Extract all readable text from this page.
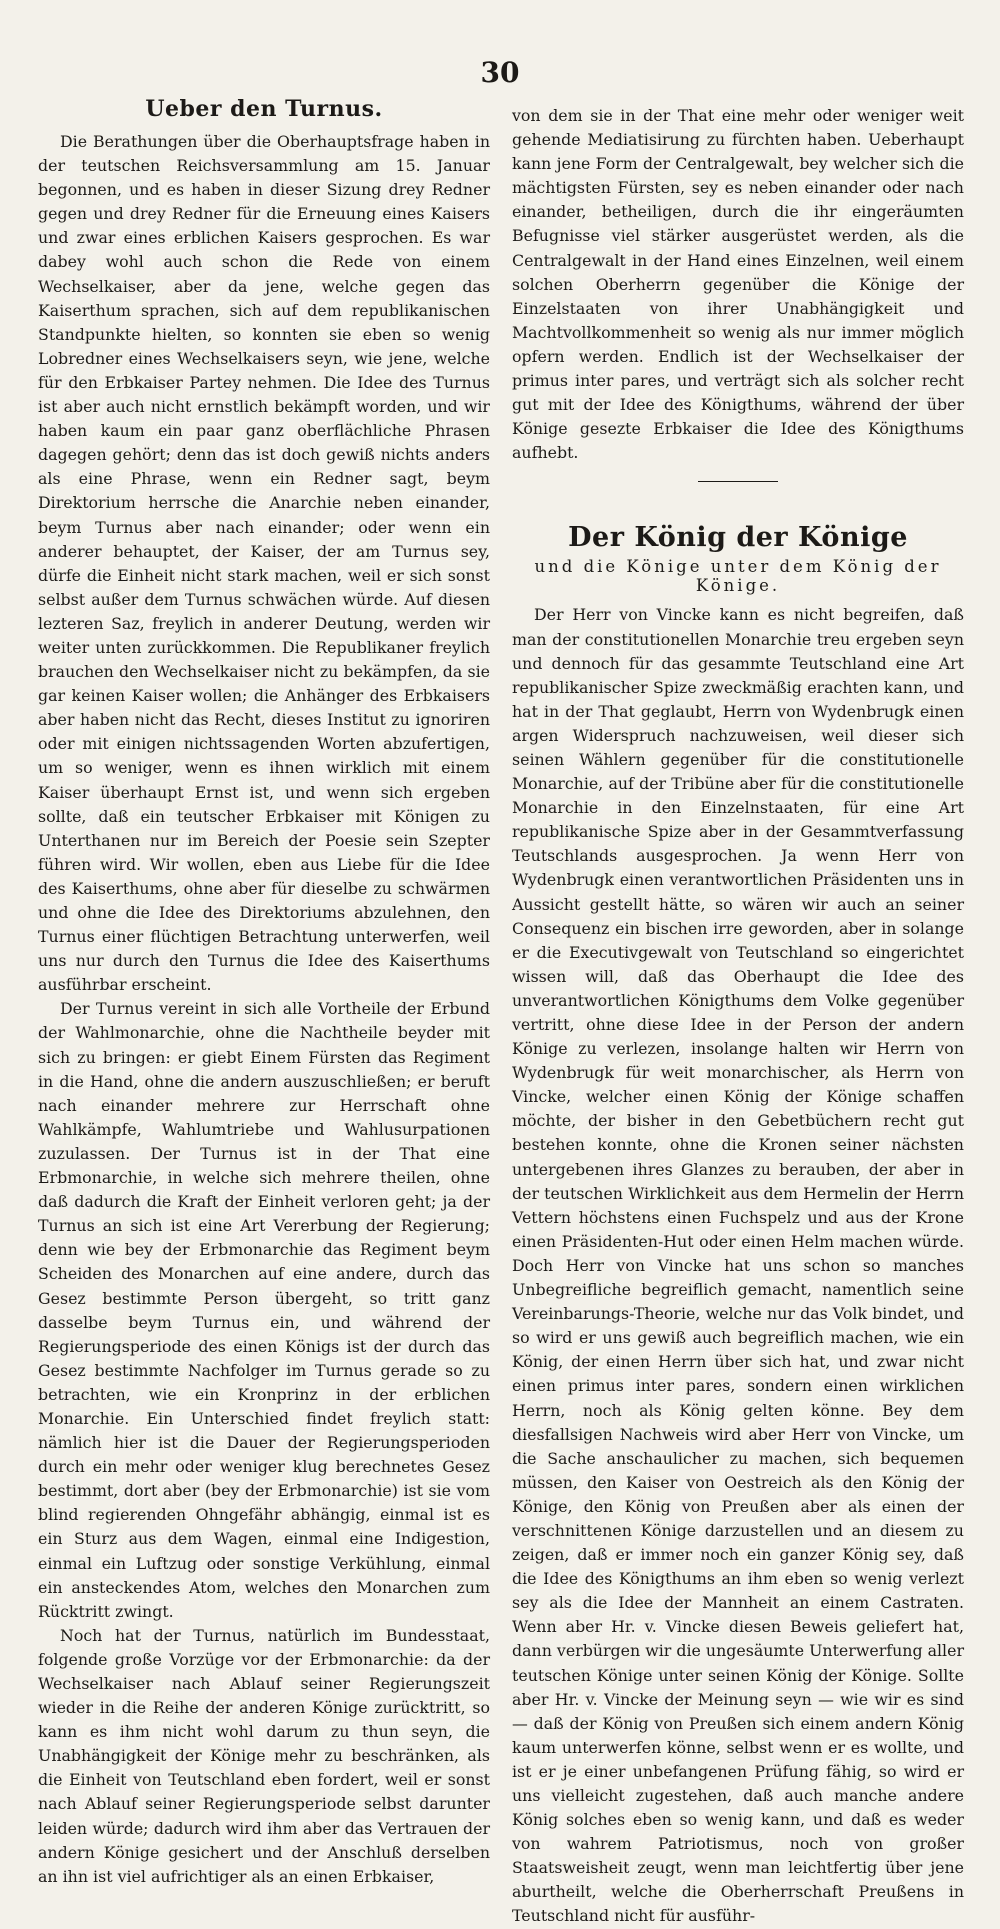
30
Ueber den Turnus.

Die Berathungen über die Oberhauptsfrage haben in der teutschen Reichsversammlung am 15. Januar begonnen, und es haben in dieser Sizung drey Redner gegen und drey Redner für die Erneuung eines Kaisers und zwar eines erblichen Kaisers gesprochen. Es war dabey wohl auch schon die Rede von einem Wechselkaiser, aber da jene, welche gegen das Kaiserthum sprachen, sich auf dem republikanischen Standpunkte hielten, so konnten sie eben so wenig Lobredner eines Wechselkaisers seyn, wie jene, welche für den Erbkaiser Partey nehmen. Die Idee des Turnus ist aber auch nicht ernstlich bekämpft worden, und wir haben kaum ein paar ganz oberflächliche Phrasen dagegen gehört; denn das ist doch gewiß nichts anders als eine Phrase, wenn ein Redner sagt, beym Direktorium herrsche die Anarchie neben einander, beym Turnus aber nach einander; oder wenn ein anderer behauptet, der Kaiser, der am Turnus sey, dürfe die Einheit nicht stark machen, weil er sich sonst selbst außer dem Turnus schwächen würde. Auf diesen lezteren Saz, freylich in anderer Deutung, werden wir weiter unten zurückkommen. Die Republikaner freylich brauchen den Wechselkaiser nicht zu bekämpfen, da sie gar keinen Kaiser wollen; die Anhänger des Erbkaisers aber haben nicht das Recht, dieses Institut zu ignoriren oder mit einigen nichtssagenden Worten abzufertigen, um so weniger, wenn es ihnen wirklich mit einem Kaiser überhaupt Ernst ist, und wenn sich ergeben sollte, daß ein teutscher Erbkaiser mit Königen zu Unterthanen nur im Bereich der Poesie sein Szepter führen wird. Wir wollen, eben aus Liebe für die Idee des Kaiserthums, ohne aber für dieselbe zu schwärmen und ohne die Idee des Direktoriums abzulehnen, den Turnus einer flüchtigen Betrachtung unterwerfen, weil uns nur durch den Turnus die Idee des Kaiserthums ausführbar erscheint.

Der Turnus vereint in sich alle Vortheile der Erbund der Wahlmonarchie, ohne die Nachtheile beyder mit sich zu bringen: er giebt Einem Fürsten das Regiment in die Hand, ohne die andern auszuschließen; er beruft nach einander mehrere zur Herrschaft ohne Wahlkämpfe, Wahlumtriebe und Wahlusurpationen zuzulassen. Der Turnus ist in der That eine Erbmonarchie, in welche sich mehrere theilen, ohne daß dadurch die Kraft der Einheit verloren geht; ja der Turnus an sich ist eine Art Vererbung der Regierung; denn wie bey der Erbmonarchie das Regiment beym Scheiden des Monarchen auf eine andere, durch das Gesez bestimmte Person übergeht, so tritt ganz dasselbe beym Turnus ein, und während der Regierungsperiode des einen Königs ist der durch das Gesez bestimmte Nachfolger im Turnus gerade so zu betrachten, wie ein Kronprinz in der erblichen Monarchie. Ein Unterschied findet freylich statt: nämlich hier ist die Dauer der Regierungsperioden durch ein mehr oder weniger klug berechnetes Gesez bestimmt, dort aber (bey der Erbmonarchie) ist sie vom blind regierenden Ohngefähr abhängig, einmal ist es ein Sturz aus dem Wagen, einmal eine Indigestion, einmal ein Luftzug oder sonstige Verkühlung, einmal ein ansteckendes Atom, welches den Monarchen zum Rücktritt zwingt.

Noch hat der Turnus, natürlich im Bundesstaat, folgende große Vorzüge vor der Erbmonarchie: da der Wechselkaiser nach Ablauf seiner Regierungszeit wieder in die Reihe der anderen Könige zurücktritt, so kann es ihm nicht wohl darum zu thun seyn, die Unabhängigkeit der Könige mehr zu beschränken, als die Einheit von Teutschland eben fordert, weil er sonst nach Ablauf seiner Regierungsperiode selbst darunter leiden würde; dadurch wird ihm aber das Vertrauen der andern Könige gesichert und der Anschluß derselben an ihn ist viel aufrichtiger als an einen Erbkaiser,

von dem sie in der That eine mehr oder weniger weit gehende Mediatisirung zu fürchten haben. Ueberhaupt kann jene Form der Centralgewalt, bey welcher sich die mächtigsten Fürsten, sey es neben einander oder nach einander, betheiligen, durch die ihr eingeräumten Befugnisse viel stärker ausgerüstet werden, als die Centralgewalt in der Hand eines Einzelnen, weil einem solchen Oberherrn gegenüber die Könige der Einzelstaaten von ihrer Unabhängigkeit und Machtvollkommenheit so wenig als nur immer möglich opfern werden. Endlich ist der Wechselkaiser der primus inter pares, und verträgt sich als solcher recht gut mit der Idee des Königthums, während der über Könige gesezte Erbkaiser die Idee des Königthums aufhebt.

Der König der Könige
und die Könige unter dem König der Könige.

Der Herr von Vincke kann es nicht begreifen, daß man der constitutionellen Monarchie treu ergeben seyn und dennoch für das gesammte Teutschland eine Art republikanischer Spize zweckmäßig erachten kann, und hat in der That geglaubt, Herrn von Wydenbrugk einen argen Widerspruch nachzuweisen, weil dieser sich seinen Wählern gegenüber für die constitutionelle Monarchie, auf der Tribüne aber für die constitutionelle Monarchie in den Einzelnstaaten, für eine Art republikanische Spize aber in der Gesammtverfassung Teutschlands ausgesprochen. Ja wenn Herr von Wydenbrugk einen verantwortlichen Präsidenten uns in Aussicht gestellt hätte, so wären wir auch an seiner Consequenz ein bischen irre geworden, aber in solange er die Executivgewalt von Teutschland so eingerichtet wissen will, daß das Oberhaupt die Idee des unverantwortlichen Königthums dem Volke gegenüber vertritt, ohne diese Idee in der Person der andern Könige zu verlezen, insolange halten wir Herrn von Wydenbrugk für weit monarchischer, als Herrn von Vincke, welcher einen König der Könige schaffen möchte, der bisher in den Gebetbüchern recht gut bestehen konnte, ohne die Kronen seiner nächsten untergebenen ihres Glanzes zu berauben, der aber in der teutschen Wirklichkeit aus dem Hermelin der Herrn Vettern höchstens einen Fuchspelz und aus der Krone einen Präsidenten-Hut oder einen Helm machen würde. Doch Herr von Vincke hat uns schon so manches Unbegreifliche begreiflich gemacht, namentlich seine Vereinbarungs-Theorie, welche nur das Volk bindet, und so wird er uns gewiß auch begreiflich machen, wie ein König, der einen Herrn über sich hat, und zwar nicht einen primus inter pares, sondern einen wirklichen Herrn, noch als König gelten könne. Bey dem diesfallsigen Nachweis wird aber Herr von Vincke, um die Sache anschaulicher zu machen, sich bequemen müssen, den Kaiser von Oestreich als den König der Könige, den König von Preußen aber als einen der verschnittenen Könige darzustellen und an diesem zu zeigen, daß er immer noch ein ganzer König sey, daß die Idee des Königthums an ihm eben so wenig verlezt sey als die Idee der Mannheit an einem Castraten. Wenn aber Hr. v. Vincke diesen Beweis geliefert hat, dann verbürgen wir die ungesäumte Unterwerfung aller teutschen Könige unter seinen König der Könige. Sollte aber Hr. v. Vincke der Meinung seyn — wie wir es sind — daß der König von Preußen sich einem andern König kaum unterwerfen könne, selbst wenn er es wollte, und ist er je einer unbefangenen Prüfung fähig, so wird er uns vielleicht zugestehen, daß auch manche andere König solches eben so wenig kann, und daß es weder von wahrem Patriotismus, noch von großer Staatsweisheit zeugt, wenn man leichtfertig über jene aburtheilt, welche die Oberherrschaft Preußens in Teutschland nicht für ausführ-
